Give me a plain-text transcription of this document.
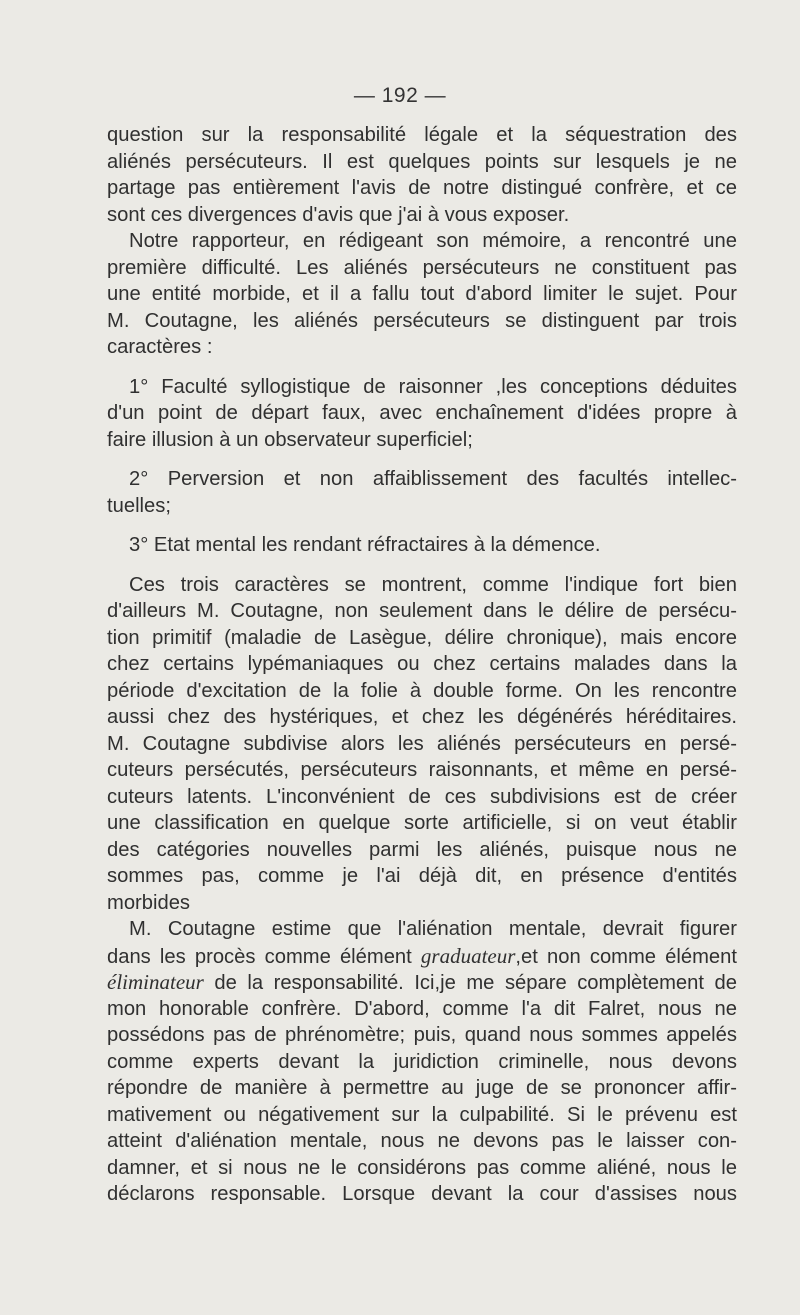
— 192 —
question sur la responsabilité légale et la séquestration des
aliénés persécuteurs. Il est quelques points sur lesquels je ne
partage pas entièrement l'avis de notre distingué confrère, et ce
sont ces divergences d'avis que j'ai à vous exposer.
Notre rapporteur, en rédigeant son mémoire, a rencontré une
première difficulté. Les aliénés persécuteurs ne constituent pas
une entité morbide, et il a fallu tout d'abord limiter le sujet. Pour
M. Coutagne, les aliénés persécuteurs se distinguent par trois
caractères :
1° Faculté syllogistique de raisonner ,les conceptions déduites
d'un point de départ faux, avec enchaînement d'idées propre à
faire illusion à un observateur superficiel;
2° Perversion et non affaiblissement des facultés intellec-
tuelles;
3° Etat mental les rendant réfractaires à la démence.
Ces trois caractères se montrent, comme l'indique fort bien
d'ailleurs M. Coutagne, non seulement dans le délire de persécu-
tion primitif (maladie de Lasègue, délire chronique), mais encore
chez certains lypémaniaques ou chez certains malades dans la
période d'excitation de la folie à double forme. On les rencontre
aussi chez des hystériques, et chez les dégénérés héréditaires.
M. Coutagne subdivise alors les aliénés persécuteurs en persé-
cuteurs persécutés, persécuteurs raisonnants, et même en persé-
cuteurs latents. L'inconvénient de ces subdivisions est de créer
une classification en quelque sorte artificielle, si on veut établir
des catégories nouvelles parmi les aliénés, puisque nous ne
sommes pas, comme je l'ai déjà dit, en présence d'entités
morbides
M. Coutagne estime que l'aliénation mentale, devrait figurer
dans les procès comme élément graduateur,et non comme élément
éliminateur de la responsabilité. Ici,je me sépare complètement de
mon honorable confrère. D'abord, comme l'a dit Falret, nous ne
possédons pas de phrénomètre; puis, quand nous sommes appelés
comme experts devant la juridiction criminelle, nous devons
répondre de manière à permettre au juge de se prononcer affir-
mativement ou négativement sur la culpabilité. Si le prévenu est
atteint d'aliénation mentale, nous ne devons pas le laisser con-
damner, et si nous ne le considérons pas comme aliéné, nous le
déclarons responsable. Lorsque devant la cour d'assises nous
